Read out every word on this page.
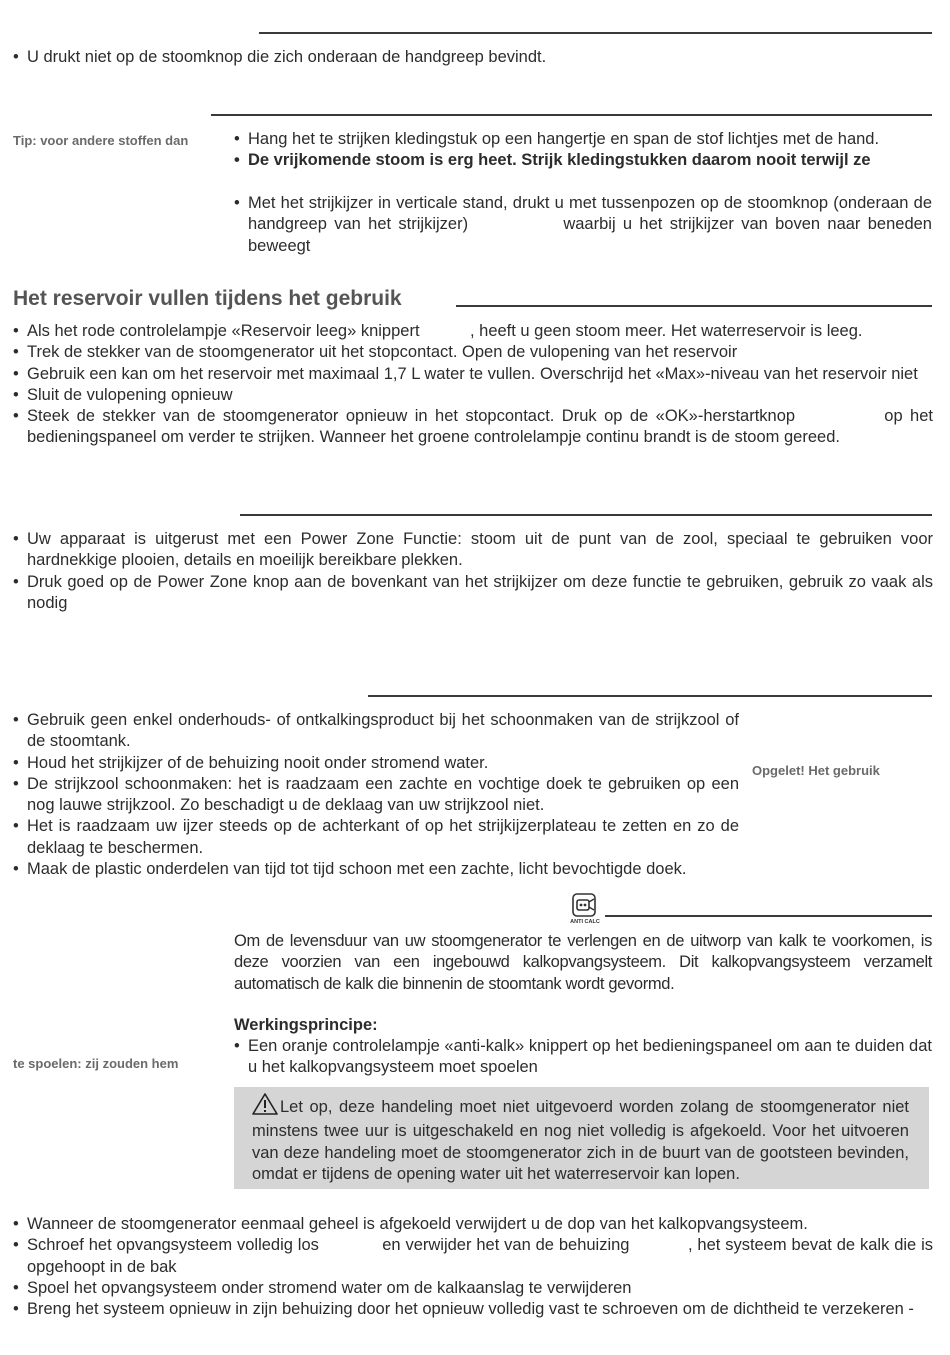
• U drukt niet op de stoomknop die zich onderaan de handgreep bevindt.
Tip: voor andere stoffen dan
•	Hang het te strijken kledingstuk op een hangertje en span de stof lichtjes met de hand.
• De vrijkomende stoom is erg heet. Strijk kledingstukken daarom nooit terwijl ze
• Met het strijkijzer in verticale stand, drukt u met tussenpozen op de stoomknop (onderaan de handgreep van het strijkijzer)             waarbij u het strijkijzer van boven naar beneden beweegt
Het reservoir vullen tijdens het gebruik
• Als het rode controlelampje «Reservoir leeg» knippert           , heeft u geen stoom meer. Het waterreservoir is leeg.
• Trek de stekker van de stoomgenerator uit het stopcontact. Open de vulopening van het reservoir
• Gebruik een kan om het reservoir met maximaal 1,7 L water te vullen. Overschrijd het «Max»-niveau van het reservoir niet
• Sluit de vulopening opnieuw
• Steek de stekker van de stoomgenerator opnieuw in het stopcontact. Druk op de «OK»-herstartknop            op het bedieningspaneel om verder te strijken. Wanneer het groene controlelampje continu brandt is de stoom gereed.
• Uw apparaat is uitgerust met een Power Zone Functie: stoom uit de punt van de zool, speciaal te gebruiken voor hardnekkige plooien, details en moeilijk bereikbare plekken.
• Druk goed op de Power Zone knop aan de bovenkant van het strijkijzer om deze functie te gebruiken, gebruik zo vaak als nodig
• Gebruik geen enkel onderhouds- of ontkalkingsproduct bij het schoonmaken van de strijkzool of de stoomtank.
• Houd het strijkijzer of de behuizing nooit onder stromend water.
• De strijkzool schoonmaken: het is raadzaam een zachte en vochtige doek te gebruiken op een nog lauwe strijkzool. Zo beschadigt u de deklaag van uw strijkzool niet.
• Het is raadzaam uw ijzer steeds op de achterkant of op het strijkijzerplateau te zetten en zo de deklaag te beschermen.
• Maak de plastic onderdelen van tijd tot tijd schoon met een zachte, licht bevochtigde doek.
Opgelet! Het gebruik
ANTI CALC
Om de levensduur van uw stoomgenerator te verlengen en de uitworp van kalk te voorkomen, is deze voorzien van een ingebouwd kalkopvangsysteem. Dit kalkopvangsysteem verzamelt automatisch de kalk die binnenin de stoomtank wordt gevormd.
Werkingsprincipe:
• Een oranje controlelampje «anti-kalk» knippert op het bedieningspaneel om aan te duiden dat  u het kalkopvangsysteem moet spoelen
te spoelen: zij zouden hem
Let op, deze handeling moet niet uitgevoerd worden zolang de stoomgenerator niet minstens twee uur is uitgeschakeld en nog niet volledig is afgekoeld. Voor het uitvoeren van deze handeling moet de stoomgenerator zich in de buurt van de gootsteen bevinden, omdat er tijdens de opening water uit het waterreservoir kan lopen.
• Wanneer de stoomgenerator eenmaal geheel is afgekoeld verwijdert u de dop van het kalkopvangsysteem.
• Schroef het opvangsysteem volledig los             en verwijder het van de behuizing            , het systeem bevat de kalk die is opgehoopt in de bak
• Spoel het opvangsysteem onder stromend water om de kalkaanslag te verwijderen
• Breng het systeem opnieuw in zijn behuizing door het opnieuw volledig vast te schroeven om de dichtheid te verzekeren -
